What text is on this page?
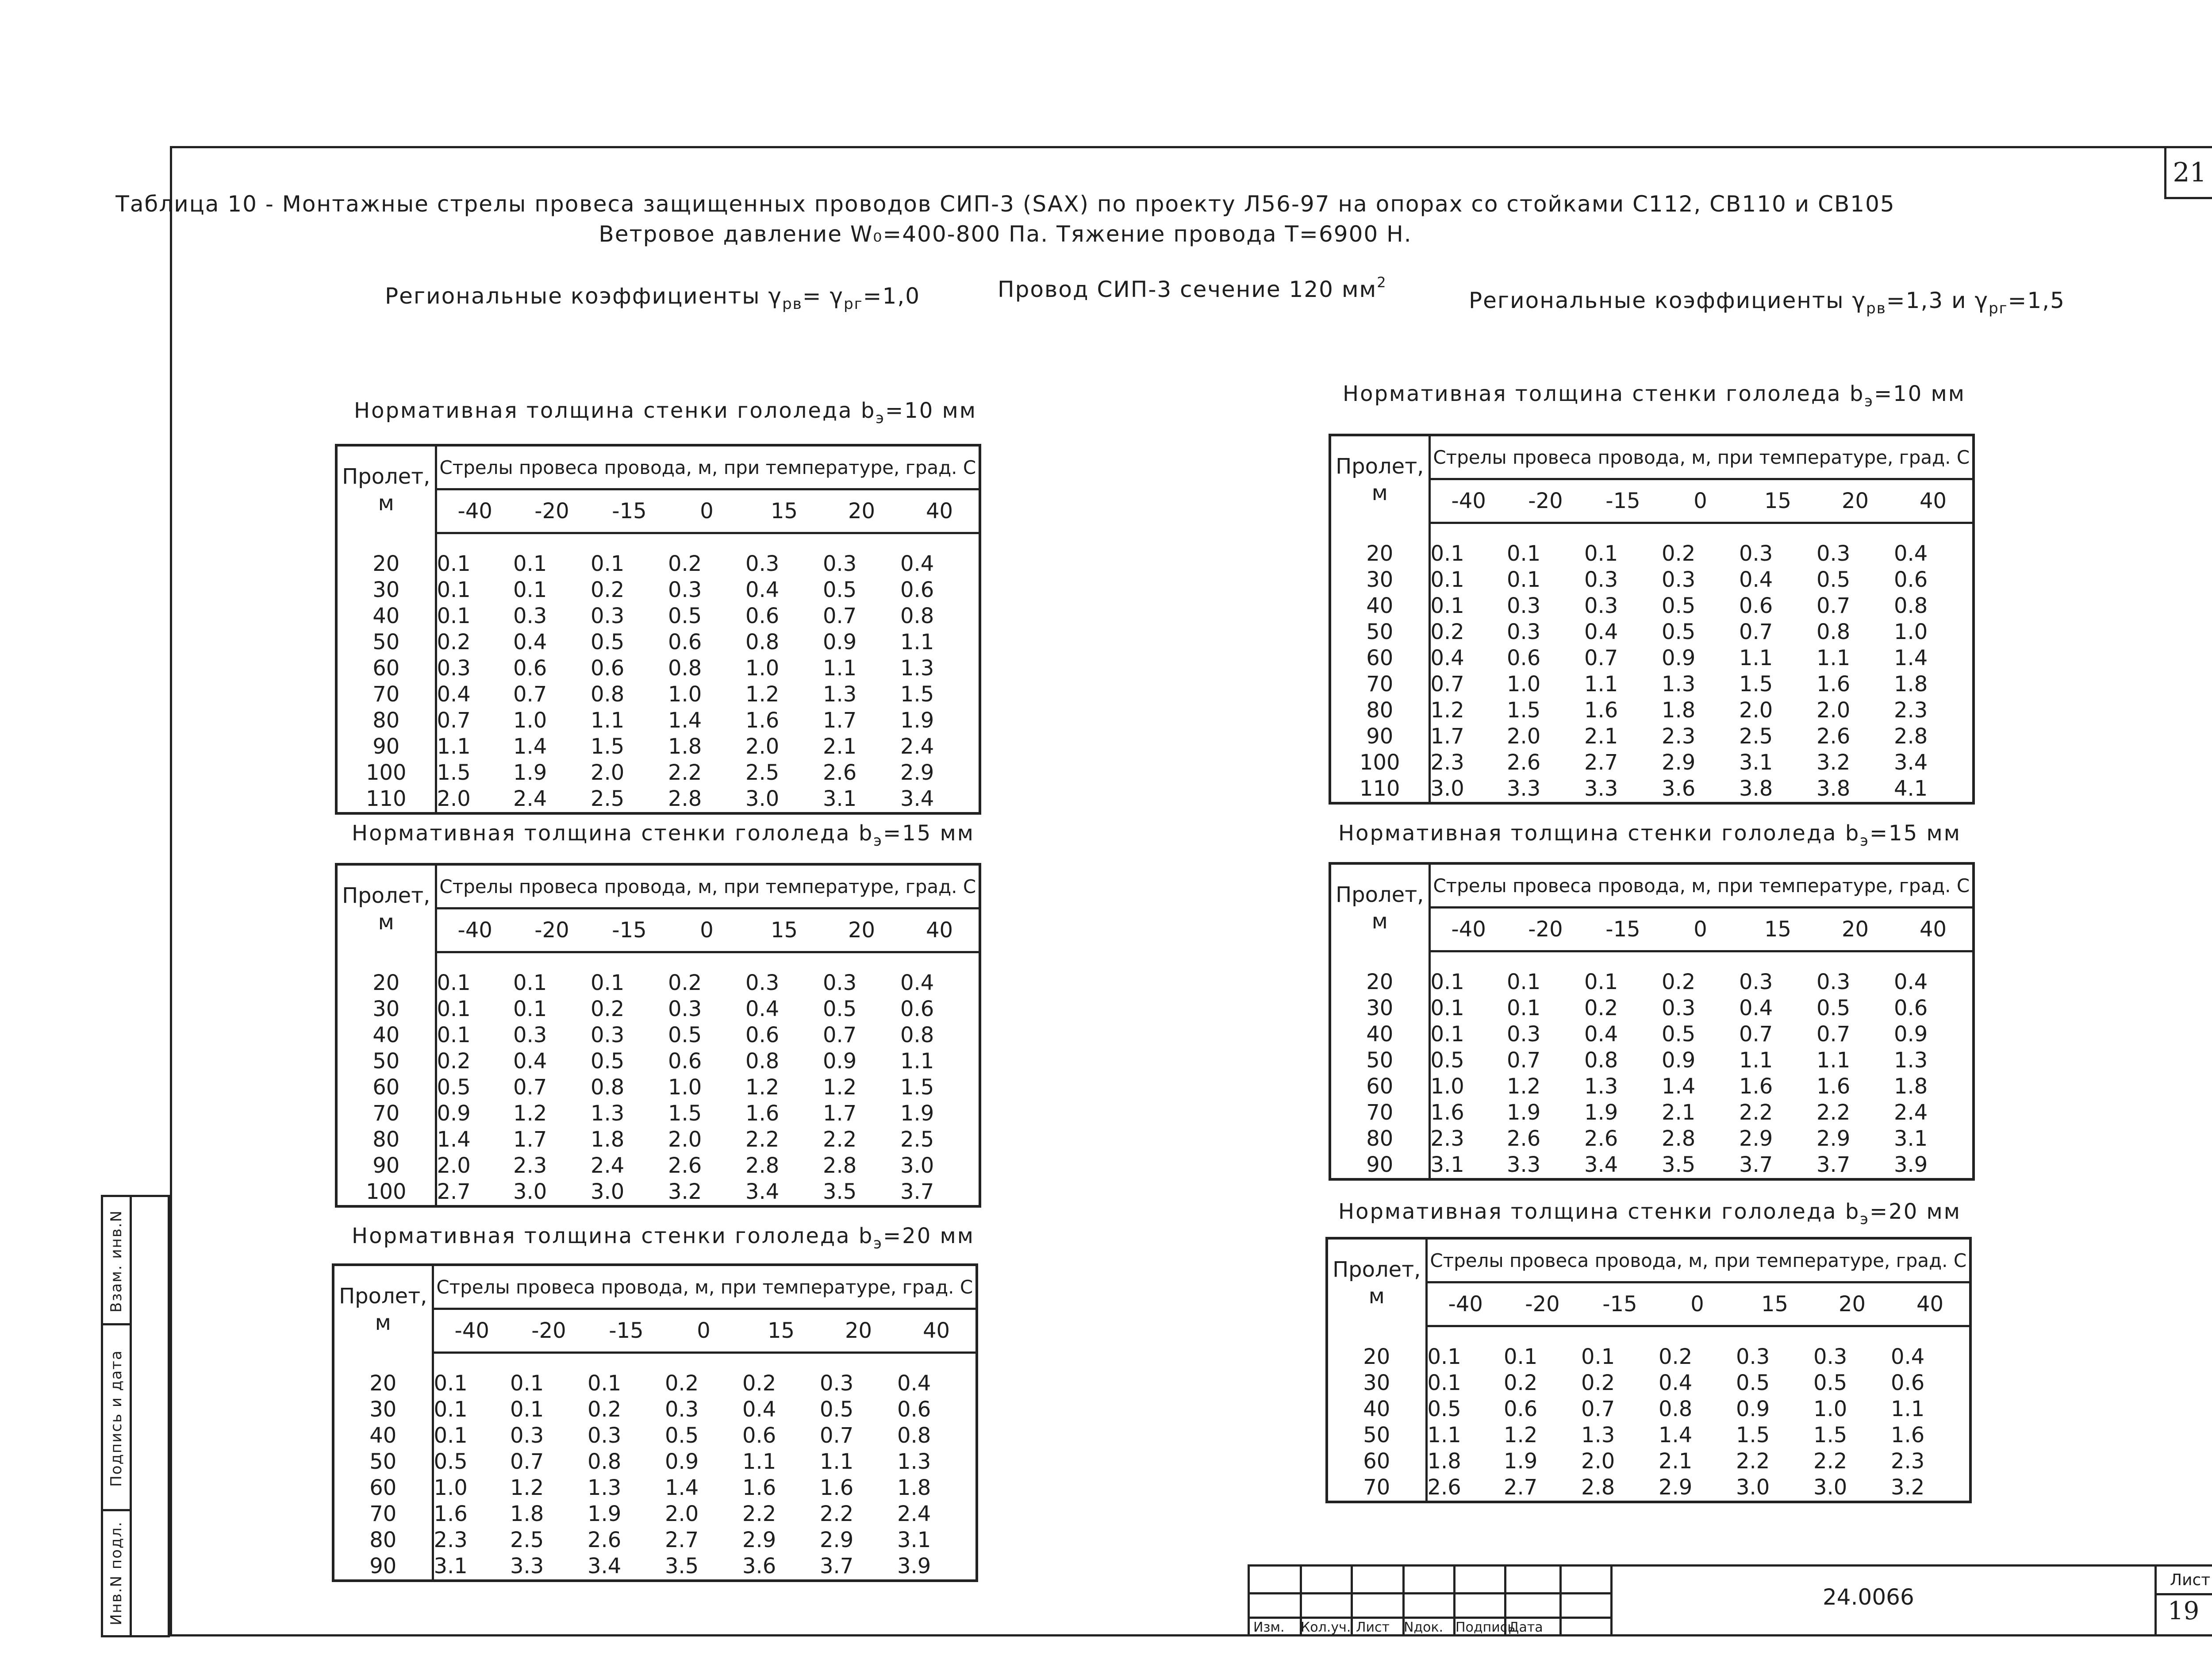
21
Таблица 10 - Монтажные стрелы провеса защищенных проводов СИП-3 (SAX) по проекту Л56-97 на опорах со стойками С112, СВ110 и СВ105
Ветровое давление W₀=400-800 Па. Тяжение провода Т=6900 Н.
Региональные коэффициенты $\gamma_{рв}= \gamma_{рг}=1,0$	Провод СИП-3 сечение 120 $мм^2$
Региональные коэффициенты $\gamma_{рв}=1,3$ и $\gamma_{рг}=1,5$
Нормативная толщина стенки гололеда $b_э=10$ мм
Нормативная толщина стенки гололеда $b_э=15$ мм
Нормативная толщина стенки гололеда $b_э=20$ мм
Нормативная толщина стенки гололеда $b_э=10$ мм
Нормативная толщина стенки гололеда $b_э=15$ мм
Нормативная толщина стенки гололеда $b_э=20$ мм
Пролет,
м	Стрелы провеса провода, м, при температуре, град. С						
	-40	-20	-15	0	15	20	40

20	0.1	0.1	0.1	0.2	0.3	0.3	0.4
30	0.1	0.1	0.2	0.3	0.4	0.5	0.6
40	0.1	0.3	0.3	0.5	0.6	0.7	0.8
50	0.2	0.4	0.5	0.6	0.8	0.9	1.1
60	0.3	0.6	0.6	0.8	1.0	1.1	1.3
70	0.4	0.7	0.8	1.0	1.2	1.3	1.5
80	0.7	1.0	1.1	1.4	1.6	1.7	1.9
90	1.1	1.4	1.5	1.8	2.0	2.1	2.4
100	1.5	1.9	2.0	2.2	2.5	2.6	2.9
110	2.0	2.4	2.5	2.8	3.0	3.1	3.4
Пролет,
м	Стрелы провеса провода, м, при температуре, град. С						
	-40	-20	-15	0	15	20	40

20	0.1	0.1	0.1	0.2	0.3	0.3	0.4
30	0.1	0.1	0.2	0.3	0.4	0.5	0.6
40	0.1	0.3	0.3	0.5	0.6	0.7	0.8
50	0.2	0.4	0.5	0.6	0.8	0.9	1.1
60	0.5	0.7	0.8	1.0	1.2	1.2	1.5
70	0.9	1.2	1.3	1.5	1.6	1.7	1.9
80	1.4	1.7	1.8	2.0	2.2	2.2	2.5
90	2.0	2.3	2.4	2.6	2.8	2.8	3.0
100	2.7	3.0	3.0	3.2	3.4	3.5	3.7
Пролет,
м	Стрелы провеса провода, м, при температуре, град. С						
	-40	-20	-15	0	15	20	40

20	0.1	0.1	0.1	0.2	0.2	0.3	0.4
30	0.1	0.1	0.2	0.3	0.4	0.5	0.6
40	0.1	0.3	0.3	0.5	0.6	0.7	0.8
50	0.5	0.7	0.8	0.9	1.1	1.1	1.3
60	1.0	1.2	1.3	1.4	1.6	1.6	1.8
70	1.6	1.8	1.9	2.0	2.2	2.2	2.4
80	2.3	2.5	2.6	2.7	2.9	2.9	3.1
90	3.1	3.3	3.4	3.5	3.6	3.7	3.9
Пролет,
м	Стрелы провеса провода, м, при температуре, град. С						
	-40	-20	-15	0	15	20	40

20	0.1	0.1	0.1	0.2	0.3	0.3	0.4
30	0.1	0.1	0.3	0.3	0.4	0.5	0.6
40	0.1	0.3	0.3	0.5	0.6	0.7	0.8
50	0.2	0.3	0.4	0.5	0.7	0.8	1.0
60	0.4	0.6	0.7	0.9	1.1	1.1	1.4
70	0.7	1.0	1.1	1.3	1.5	1.6	1.8
80	1.2	1.5	1.6	1.8	2.0	2.0	2.3
90	1.7	2.0	2.1	2.3	2.5	2.6	2.8
100	2.3	2.6	2.7	2.9	3.1	3.2	3.4
110	3.0	3.3	3.3	3.6	3.8	3.8	4.1
Пролет,
м	Стрелы провеса провода, м, при температуре, град. С						
	-40	-20	-15	0	15	20	40

20	0.1	0.1	0.1	0.2	0.3	0.3	0.4
30	0.1	0.1	0.2	0.3	0.4	0.5	0.6
40	0.1	0.3	0.4	0.5	0.7	0.7	0.9
50	0.5	0.7	0.8	0.9	1.1	1.1	1.3
60	1.0	1.2	1.3	1.4	1.6	1.6	1.8
70	1.6	1.9	1.9	2.1	2.2	2.2	2.4
80	2.3	2.6	2.6	2.8	2.9	2.9	3.1
90	3.1	3.3	3.4	3.5	3.7	3.7	3.9
Пролет,
м	Стрелы провеса провода, м, при температуре, град. С						
	-40	-20	-15	0	15	20	40

20	0.1	0.1	0.1	0.2	0.3	0.3	0.4
30	0.1	0.2	0.2	0.4	0.5	0.5	0.6
40	0.5	0.6	0.7	0.8	0.9	1.0	1.1
50	1.1	1.2	1.3	1.4	1.5	1.5	1.6
60	1.8	1.9	2.0	2.1	2.2	2.2	2.3
70	2.6	2.7	2.8	2.9	3.0	3.0	3.2
Взам. инв.N
Подпись и дата
Инв.N подл.
Изм. Кол.уч. Лист Nдок. Подпись
Дата
24.0066
Лист
19
